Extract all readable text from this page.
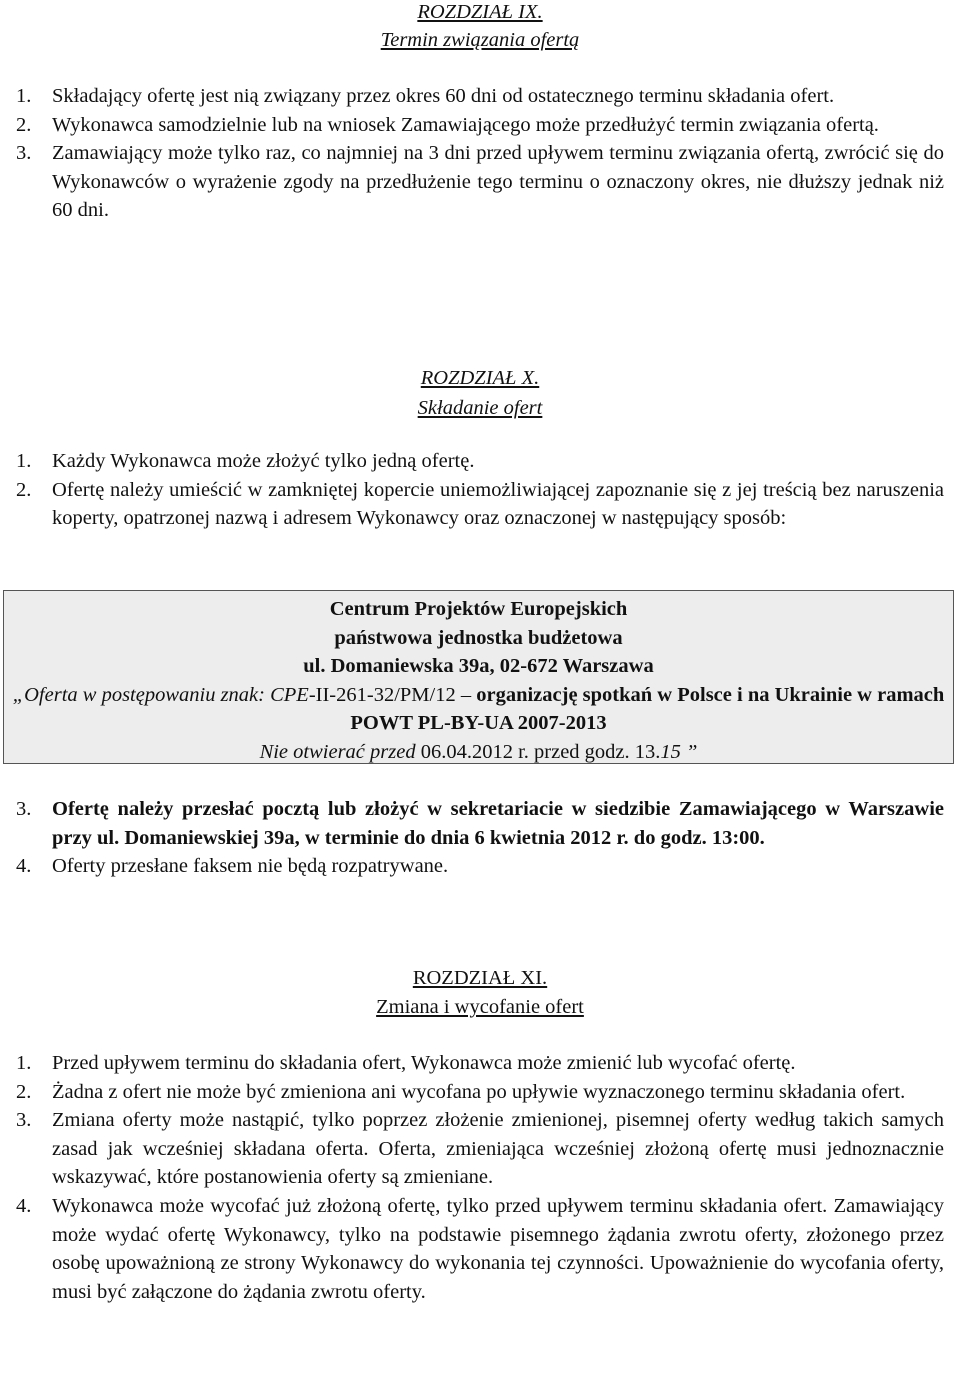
ROZDZIAŁ IX.

Termin związania ofertą

1. Składający ofertę jest nią związany przez okres 60 dni od ostatecznego terminu składania ofert.
2. Wykonawca samodzielnie lub na wniosek Zamawiającego może przedłużyć termin związania ofertą.
3. Zamawiający może tylko raz, co najmniej na 3 dni przed upływem terminu związania ofertą, zwrócić się do Wykonawców o wyrażenie zgody na przedłużenie tego terminu o oznaczony okres, nie dłuższy jednak niż 60 dni.

ROZDZIAŁ X.

Składanie ofert

1. Każdy Wykonawca może złożyć tylko jedną ofertę.
2. Ofertę należy umieścić w zamkniętej kopercie uniemożliwiającej zapoznanie się z jej treścią bez naruszenia koperty, opatrzonej nazwą i adresem Wykonawcy oraz oznaczonej w następujący sposób:
Centrum Projektów Europejskich
państwowa jednostka budżetowa
ul. Domaniewska 39a, 02-672 Warszawa
„Oferta w postępowaniu znak: CPE-II-261-32/PM/12 – organizację spotkań w Polsce i na Ukrainie w ramach POWT PL-BY-UA 2007-2013
Nie otwierać przed 06.04.2012 r. przed godz. 13.15 ”
3. Ofertę należy przesłać pocztą lub złożyć w sekretariacie w siedzibie Zamawiającego w Warszawie przy ul. Domaniewskiej 39a, w terminie do dnia 6 kwietnia 2012 r. do godz. 13:00.
4. Oferty przesłane faksem nie będą rozpatrywane.

ROZDZIAŁ XI.

Zmiana i wycofanie ofert

1. Przed upływem terminu do składania ofert, Wykonawca może zmienić lub wycofać ofertę.
2. Żadna z ofert nie może być zmieniona ani wycofana po upływie wyznaczonego terminu składania ofert.
3. Zmiana oferty może nastąpić, tylko poprzez złożenie zmienionej, pisemnej oferty według takich samych zasad jak wcześniej składana oferta. Oferta, zmieniająca wcześniej złożoną ofertę musi jednoznacznie wskazywać, które postanowienia oferty są zmieniane.
4. Wykonawca może wycofać już złożoną ofertę, tylko przed upływem terminu składania ofert. Zamawiający może wydać ofertę Wykonawcy, tylko na podstawie pisemnego żądania zwrotu oferty, złożonego przez osobę upoważnioną ze strony Wykonawcy do wykonania tej czynności. Upoważnienie do wycofania oferty, musi być załączone do żądania zwrotu oferty.
